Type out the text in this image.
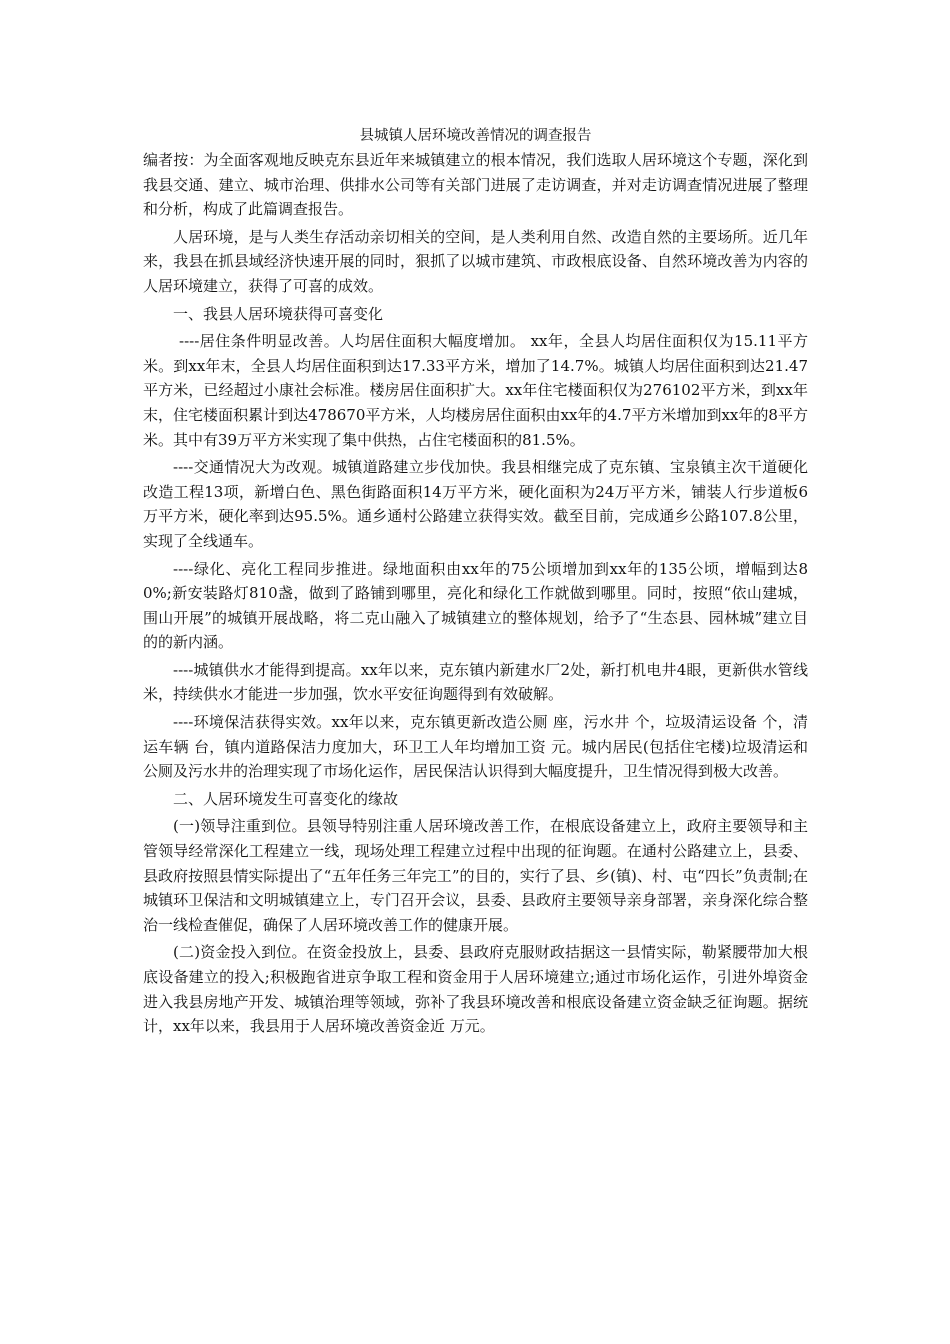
县城镇人居环境改善情况的调查报告

编者按：为全面客观地反映克东县近年来城镇建立的根本情况，我们选取人居环境这个专题，深化到我县交通、建立、城市治理、供排水公司等有关部门进展了走访调查，并对走访调查情况进展了整理和分析，构成了此篇调查报告。

人居环境，是与人类生存活动亲切相关的空间，是人类利用自然、改造自然的主要场所。近几年来，我县在抓县域经济快速开展的同时，狠抓了以城市建筑、市政根底设备、自然环境改善为内容的人居环境建立，获得了可喜的成效。

一、我县人居环境获得可喜变化

----居住条件明显改善。人均居住面积大幅度增加。 xx年，全县人均居住面积仅为15.11平方米。到xx年末，全县人均居住面积到达17.33平方米，增加了14.7%。城镇人均居住面积到达21.47平方米，已经超过小康社会标准。楼房居住面积扩大。xx年住宅楼面积仅为276102平方米，到xx年末，住宅楼面积累计到达478670平方米，人均楼房居住面积由xx年的4.7平方米增加到xx年的8平方米。其中有39万平方米实现了集中供热，占住宅楼面积的81.5%。

----交通情况大为改观。城镇道路建立步伐加快。我县相继完成了克东镇、宝泉镇主次干道硬化改造工程13项，新增白色、黑色街路面积14万平方米，硬化面积为24万平方米，铺装人行步道板6万平方米，硬化率到达95.5%。通乡通村公路建立获得实效。截至目前，完成通乡公路107.8公里，实现了全线通车。

----绿化、亮化工程同步推进。绿地面积由xx年的75公顷增加到xx年的135公顷，增幅到达80%;新安装路灯810盏，做到了路铺到哪里，亮化和绿化工作就做到哪里。同时，按照“依山建城，围山开展”的城镇开展战略，将二克山融入了城镇建立的整体规划，给予了“生态县、园林城”建立目的的新内涵。

----城镇供水才能得到提高。xx年以来，克东镇内新建水厂2处，新打机电井4眼，更新供水管线 米，持续供水才能进一步加强，饮水平安征询题得到有效破解。

----环境保洁获得实效。xx年以来，克东镇更新改造公厕 座，污水井 个，垃圾清运设备 个，清运车辆 台，镇内道路保洁力度加大，环卫工人年均增加工资 元。城内居民(包括住宅楼)垃圾清运和公厕及污水井的治理实现了市场化运作，居民保洁认识得到大幅度提升，卫生情况得到极大改善。

二、人居环境发生可喜变化的缘故

(一)领导注重到位。县领导特别注重人居环境改善工作，在根底设备建立上，政府主要领导和主管领导经常深化工程建立一线，现场处理工程建立过程中出现的征询题。在通村公路建立上，县委、县政府按照县情实际提出了“五年任务三年完工”的目的，实行了县、乡(镇)、村、屯“四长”负责制;在城镇环卫保洁和文明城镇建立上，专门召开会议，县委、县政府主要领导亲身部署，亲身深化综合整治一线检查催促，确保了人居环境改善工作的健康开展。

(二)资金投入到位。在资金投放上，县委、县政府克服财政拮据这一县情实际，勒紧腰带加大根底设备建立的投入;积极跑省进京争取工程和资金用于人居环境建立;通过市场化运作，引进外埠资金进入我县房地产开发、城镇治理等领域，弥补了我县环境改善和根底设备建立资金缺乏征询题。据统计，xx年以来，我县用于人居环境改善资金近 万元。
